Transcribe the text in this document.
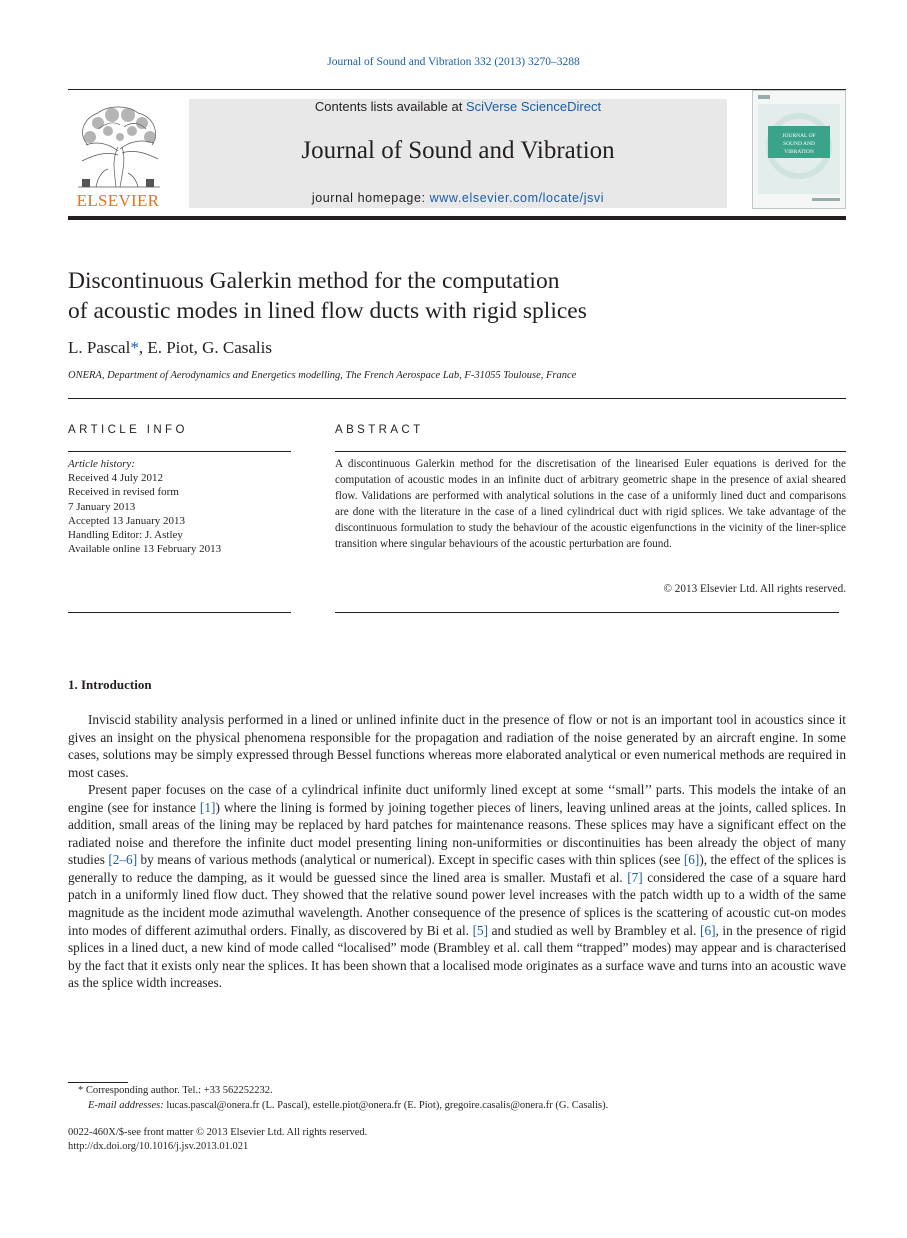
Journal of Sound and Vibration 332 (2013) 3270–3288
ELSEVIER
Contents lists available at SciVerse ScienceDirect
Journal of Sound and Vibration
journal homepage: www.elsevier.com/locate/jsvi
JOURNAL OF
SOUND AND
VIBRATION
Discontinuous Galerkin method for the computation
of acoustic modes in lined flow ducts with rigid splices
L. Pascal*, E. Piot, G. Casalis
ONERA, Department of Aerodynamics and Energetics modelling, The French Aerospace Lab, F-31055 Toulouse, France
ARTICLE INFO
Article history:
Received 4 July 2012
Received in revised form
7 January 2013
Accepted 13 January 2013
Handling Editor: J. Astley
Available online 13 February 2013
ABSTRACT
A discontinuous Galerkin method for the discretisation of the linearised Euler equations is derived for the computation of acoustic modes in an infinite duct of arbitrary geometric shape in the presence of axial sheared flow. Validations are performed with analytical solutions in the case of a uniformly lined duct and comparisons are done with the literature in the case of a lined cylindrical duct with rigid splices. We take advantage of the discontinuous formulation to study the behaviour of the acoustic eigenfunctions in the vicinity of the liner-splice transition where singular behaviours of the acoustic perturbation are found.
© 2013 Elsevier Ltd. All rights reserved.
1. Introduction

Inviscid stability analysis performed in a lined or unlined infinite duct in the presence of flow or not is an important tool in acoustics since it gives an insight on the physical phenomena responsible for the propagation and radiation of the noise generated by an aircraft engine. In some cases, solutions may be simply expressed through Bessel functions whereas more elaborated analytical or even numerical methods are required in most cases.

Present paper focuses on the case of a cylindrical infinite duct uniformly lined except at some ‘‘small’’ parts. This models the intake of an engine (see for instance [1]) where the lining is formed by joining together pieces of liners, leaving unlined areas at the joints, called splices. In addition, small areas of the lining may be replaced by hard patches for maintenance reasons. These splices may have a significant effect on the radiated noise and therefore the infinite duct model presenting lining non-uniformities or discontinuities has been already the object of many studies [2–6] by means of various methods (analytical or numerical). Except in specific cases with thin splices (see [6]), the effect of the splices is generally to reduce the damping, as it would be guessed since the lined area is smaller. Mustafi et al. [7] considered the case of a square hard patch in a uniformly lined flow duct. They showed that the relative sound power level increases with the patch width up to a width of the same magnitude as the incident mode azimuthal wavelength. Another consequence of the presence of splices is the scattering of acoustic cut-on modes into modes of different azimuthal orders. Finally, as discovered by Bi et al. [5] and studied as well by Brambley et al. [6], in the presence of rigid splices in a lined duct, a new kind of mode called “localised” mode (Brambley et al. call them “trapped” modes) may appear and is characterised by the fact that it exists only near the splices. It has been shown that a localised mode originates as a surface wave and turns into an acoustic wave as the splice width increases.

* Corresponding author. Tel.: +33 562252232.
E-mail addresses: lucas.pascal@onera.fr (L. Pascal), estelle.piot@onera.fr (E. Piot), gregoire.casalis@onera.fr (G. Casalis).
0022-460X/$-see front matter © 2013 Elsevier Ltd. All rights reserved.
http://dx.doi.org/10.1016/j.jsv.2013.01.021
